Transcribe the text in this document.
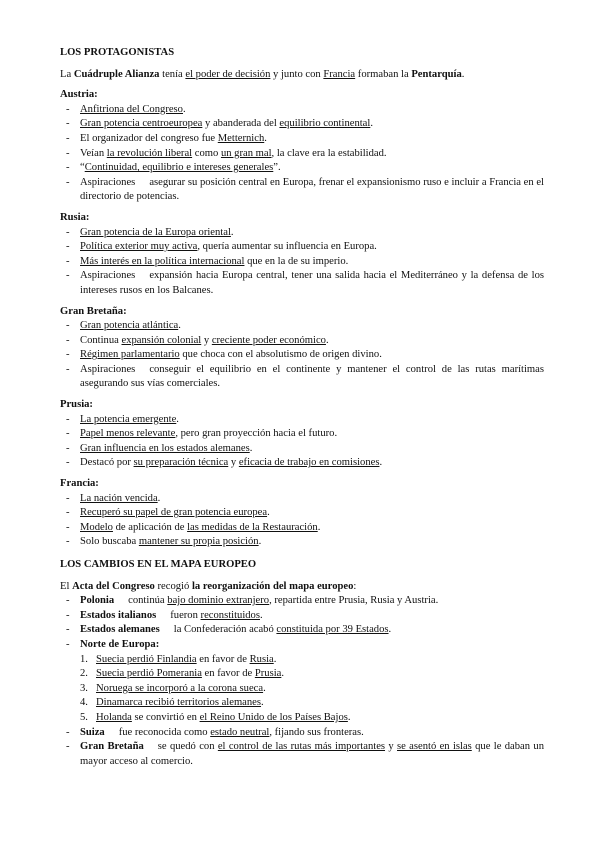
LOS PROTAGONISTAS

La Cuádruple Alianza tenía el poder de decisión y junto con Francia formaban la Pentarquía.

Austria:
- Anfitriona del Congreso.
- Gran potencia centroeuropea y abanderada del equilibrio continental.
- El organizador del congreso fue Metternich.
- Veían la revolución liberal como un gran mal, la clave era la estabilidad.
- “Continuidad, equilibrio e intereses generales”.
- Aspiraciones asegurar su posición central en Europa, frenar el expansionismo ruso e incluir a Francia en el directorio de potencias.
Rusia:
- Gran potencia de la Europa oriental.
- Política exterior muy activa, quería aumentar su influencia en Europa.
- Más interés en la política internacional que en la de su imperio.
- Aspiraciones expansión hacia Europa central, tener una salida hacia el Mediterráneo y la defensa de los intereses rusos en los Balcanes.
Gran Bretaña:
- Gran potencia atlántica.
- Continua expansión colonial y creciente poder económico.
- Régimen parlamentario que choca con el absolutismo de origen divino.
- Aspiraciones conseguir el equilibrio en el continente y mantener el control de las rutas marítimas asegurando sus vías comerciales.
Prusia:
- La potencia emergente.
- Papel menos relevante, pero gran proyección hacia el futuro.
- Gran influencia en los estados alemanes.
- Destacó por su preparación técnica y eficacia de trabajo en comisiones.
Francia:
- La nación vencida.
- Recuperó su papel de gran potencia europea.
- Modelo de aplicación de las medidas de la Restauración.
- Solo buscaba mantener su propia posición.
LOS CAMBIOS EN EL MAPA EUROPEO

El Acta del Congreso recogió la reorganización del mapa europeo:

- Polonia continúa bajo dominio extranjero, repartida entre Prusia, Rusia y Austria.
- Estados italianos fueron reconstituidos.
- Estados alemanes la Confederación acabó constituida por 39 Estados.
- Norte de Europa:
1. Suecia perdió Finlandia en favor de Rusia.
2. Suecia perdió Pomerania en favor de Prusia.
3. Noruega se incorporó a la corona sueca.
4. Dinamarca recibió territorios alemanes.
5. Holanda se convirtió en el Reino Unido de los Países Bajos.
- Suiza fue reconocida como estado neutral, fijando sus fronteras.
- Gran Bretaña se quedó con el control de las rutas más importantes y se asentó en islas que le daban un mayor acceso al comercio.
